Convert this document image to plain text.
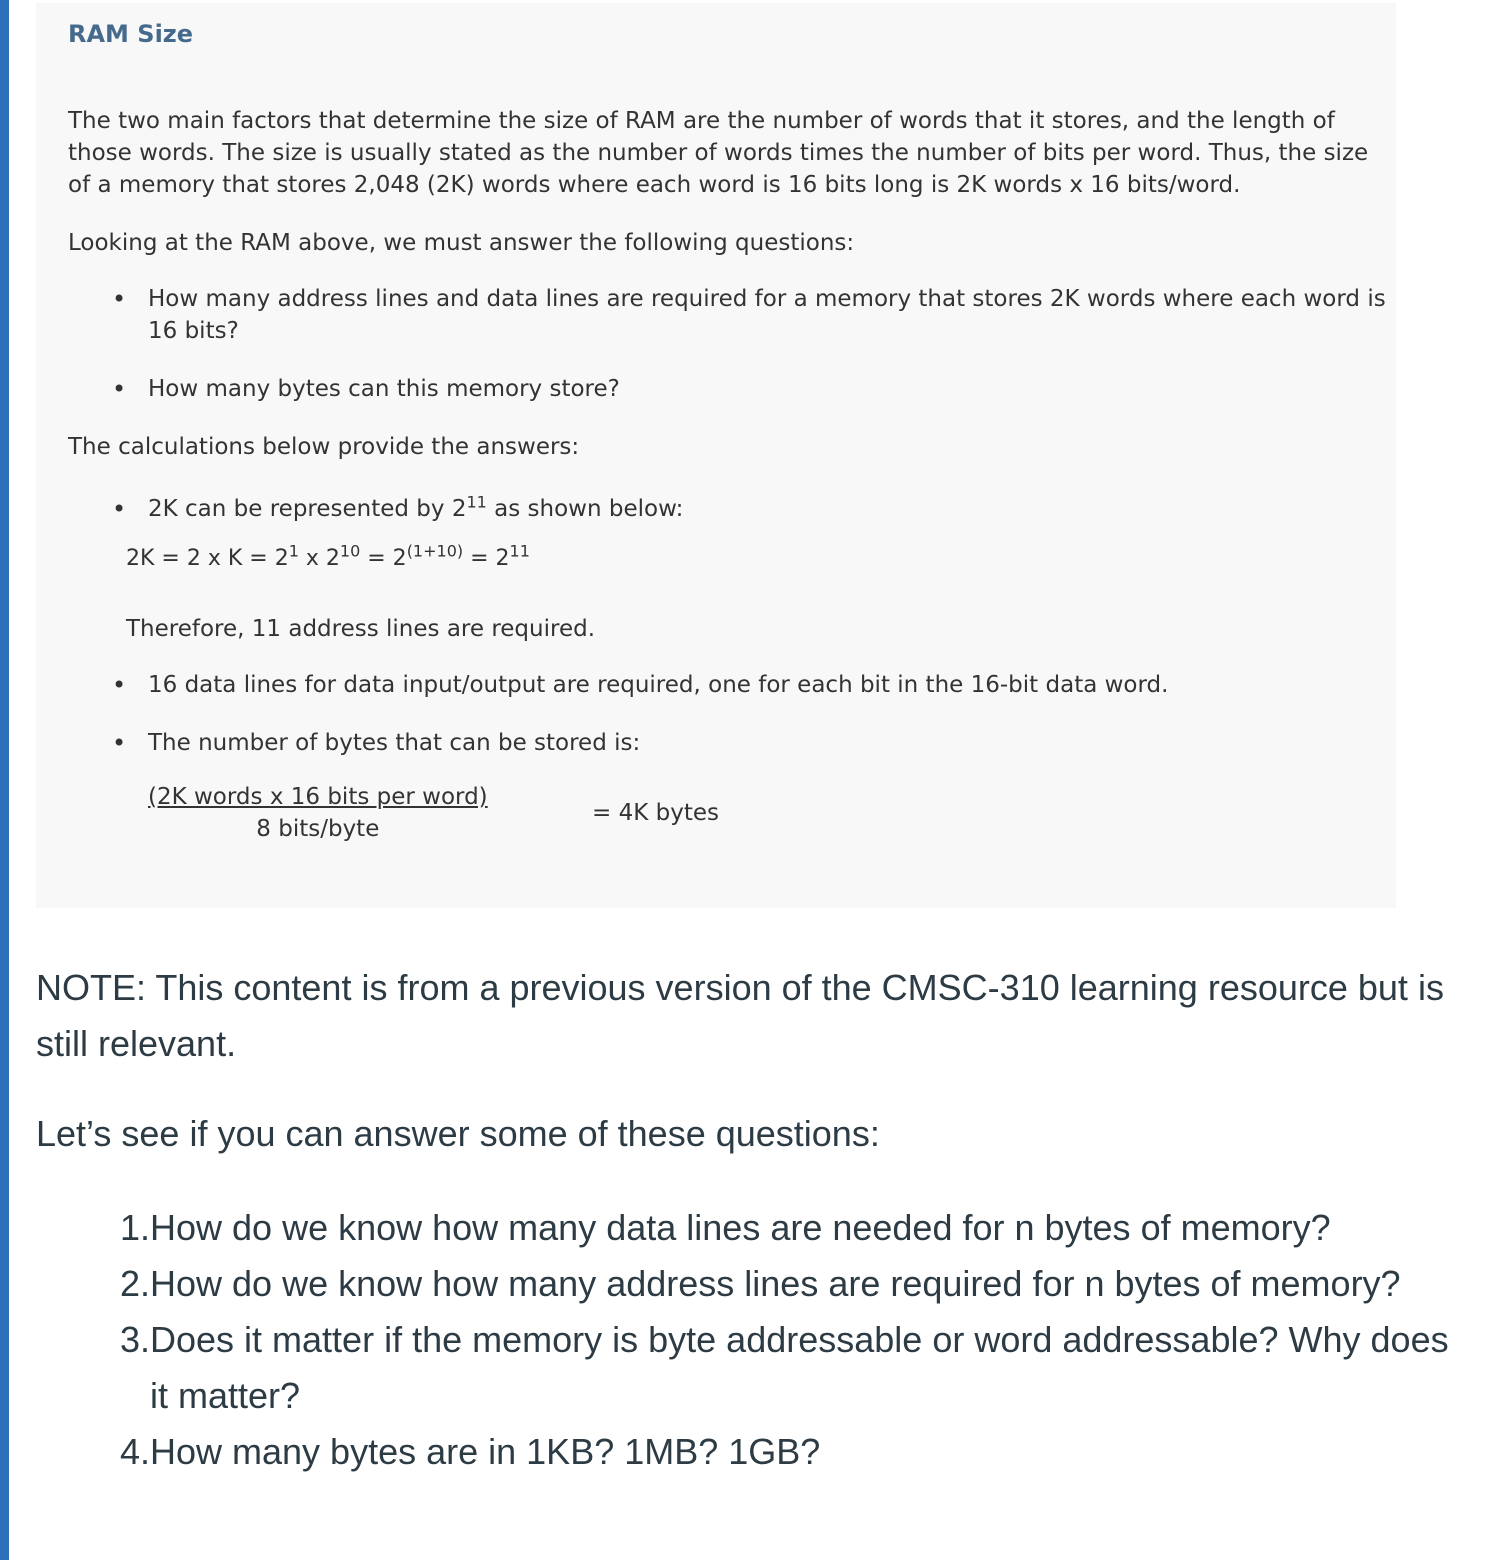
RAM Size

The two main factors that determine the size of RAM are the number of words that it stores, and the length of those words. The size is usually stated as the number of words times the number of bits per word. Thus, the size of a memory that stores 2,048 (2K) words where each word is 16 bits long is 2K words x 16 bits/word.

Looking at the RAM above, we must answer the following questions:

• How many address lines and data lines are required for a memory that stores 2K words where each word is 16 bits?
• How many bytes can this memory store?

The calculations below provide the answers:

• 2K can be represented by $2^{11}$ as shown below:
2K = 2 x $K = 2^1$ x $2^{10} = 2^{(1+10)} = 2^{11}$

Therefore, 11 address lines are required.

• 16 data lines for data input/output are required, one for each bit in the 16-bit data word.
• The number of bytes that can be stored is:
(2K words x 16 bits per word)
8 bits/byte
= 4K bytes

NOTE: This content is from a previous version of the CMSC-310 learning resource but is still relevant.

Let’s see if you can answer some of these questions:

1. How do we know how many data lines are needed for n bytes of memory?
2. How do we know how many address lines are required for n bytes of memory?
3. Does it matter if the memory is byte addressable or word addressable? Why does it matter?
4. How many bytes are in 1KB? 1MB? 1GB?
